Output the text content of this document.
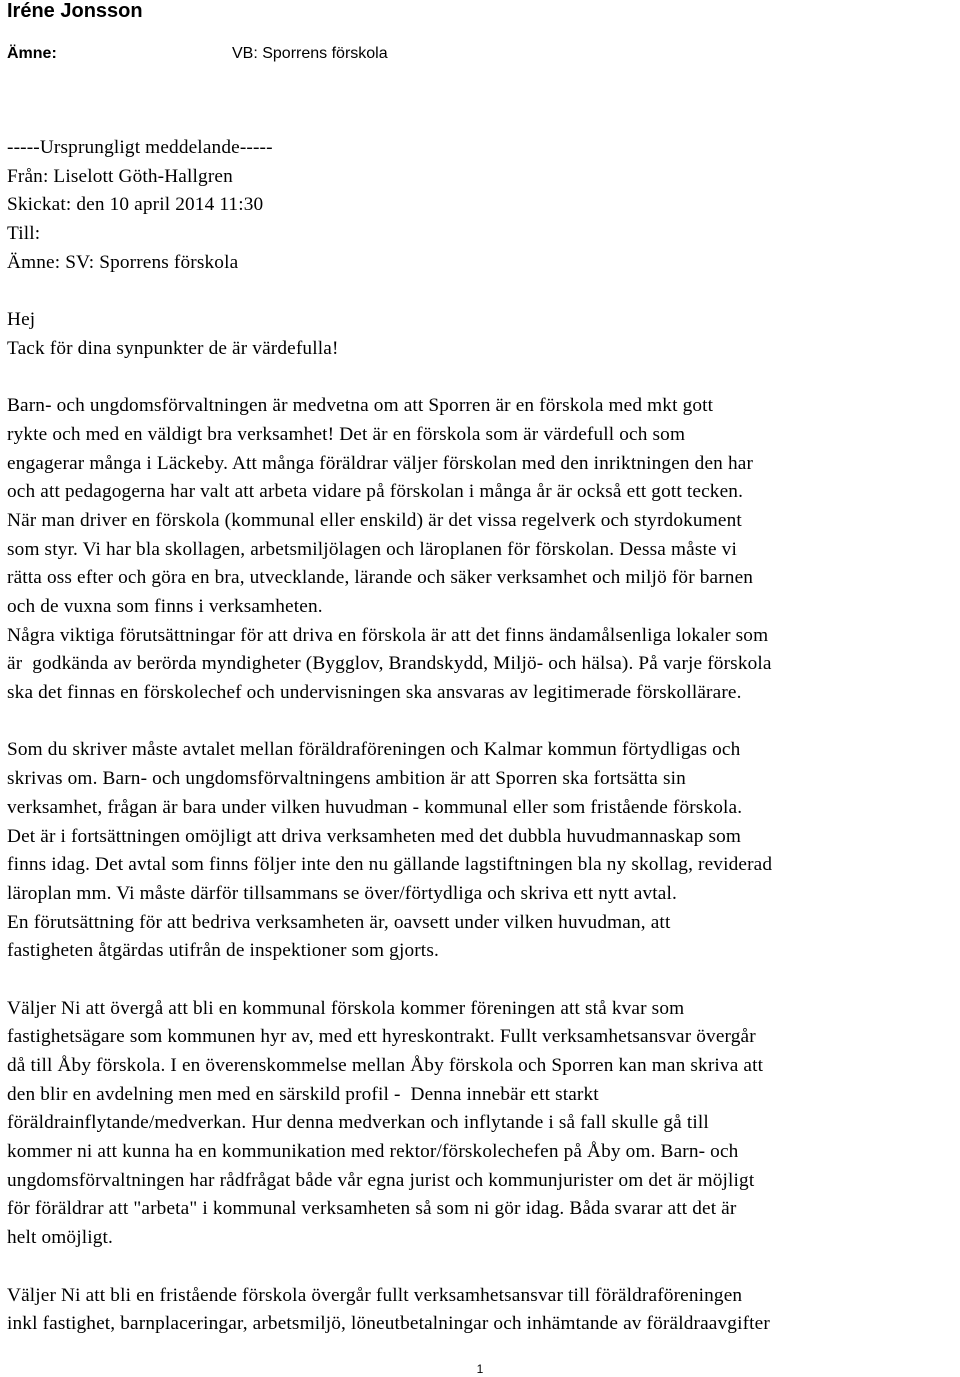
Iréne Jonsson
Ämne:	VB: Sporrens förskola
-----Ursprungligt meddelande-----
Från: Liselott Göth-Hallgren
Skickat: den 10 april 2014 11:30
Till:
Ämne: SV: Sporrens förskola
Hej
Tack för dina synpunkter de är värdefulla!
Barn- och ungdomsförvaltningen är medvetna om att Sporren är en förskola med mkt gott
rykte och med en väldigt bra verksamhet! Det är en förskola som är värdefull och som
engagerar många i Läckeby. Att många föräldrar väljer förskolan med den inriktningen den har
och att pedagogerna har valt att arbeta vidare på förskolan i många år är också ett gott tecken.
När man driver en förskola (kommunal eller enskild) är det vissa regelverk och styrdokument
som styr. Vi har bla skollagen, arbetsmiljölagen och läroplanen för förskolan. Dessa måste vi
rätta oss efter och göra en bra, utvecklande, lärande och säker verksamhet och miljö för barnen
och de vuxna som finns i verksamheten.
Några viktiga förutsättningar för att driva en förskola är att det finns ändamålsenliga lokaler som
är  godkända av berörda myndigheter (Bygglov, Brandskydd, Miljö- och hälsa). På varje förskola
ska det finnas en förskolechef och undervisningen ska ansvaras av legitimerade förskollärare.
Som du skriver måste avtalet mellan föräldraföreningen och Kalmar kommun förtydligas och
skrivas om. Barn- och ungdomsförvaltningens ambition är att Sporren ska fortsätta sin
verksamhet, frågan är bara under vilken huvudman - kommunal eller som fristående förskola.
Det är i fortsättningen omöjligt att driva verksamheten med det dubbla huvudmannaskap som
finns idag. Det avtal som finns följer inte den nu gällande lagstiftningen bla ny skollag, reviderad
läroplan mm. Vi måste därför tillsammans se över/förtydliga och skriva ett nytt avtal.
En förutsättning för att bedriva verksamheten är, oavsett under vilken huvudman, att
fastigheten åtgärdas utifrån de inspektioner som gjorts.
Väljer Ni att övergå att bli en kommunal förskola kommer föreningen att stå kvar som
fastighetsägare som kommunen hyr av, med ett hyreskontrakt. Fullt verksamhetsansvar övergår
då till Åby förskola. I en överenskommelse mellan Åby förskola och Sporren kan man skriva att
den blir en avdelning men med en särskild profil -  Denna innebär ett starkt
föräldrainflytande/medverkan. Hur denna medverkan och inflytande i så fall skulle gå till
kommer ni att kunna ha en kommunikation med rektor/förskolechefen på Åby om. Barn- och
ungdomsförvaltningen har rådfrågat både vår egna jurist och kommunjurister om det är möjligt
för föräldrar att "arbeta" i kommunal verksamheten så som ni gör idag. Båda svarar att det är
helt omöjligt.
Väljer Ni att bli en fristående förskola övergår fullt verksamhetsansvar till föräldraföreningen
inkl fastighet, barnplaceringar, arbetsmiljö, löneutbetalningar och inhämtande av föräldraavgifter
1
